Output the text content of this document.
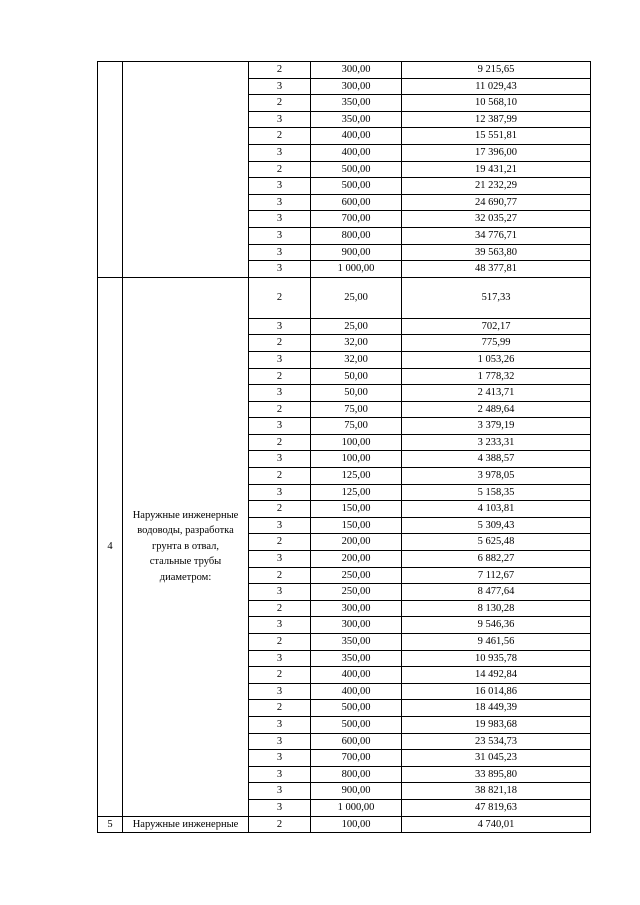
		2	300,00	9 215,65
		3	300,00	11 029,43
		2	350,00	10 568,10
		3	350,00	12 387,99
		2	400,00	15 551,81
		3	400,00	17 396,00
		2	500,00	19 431,21
		3	500,00	21 232,29
		3	600,00	24 690,77
		3	700,00	32 035,27
		3	800,00	34 776,71
		3	900,00	39 563,80
		3	1 000,00	48 377,81
4	Наружные инженерные
водоводы, разработка
грунта в отвал,
стальные трубы
диаметром:	2	25,00	517,33
		3	25,00	702,17
		2	32,00	775,99
		3	32,00	1 053,26
		2	50,00	1 778,32
		3	50,00	2 413,71
		2	75,00	2 489,64
		3	75,00	3 379,19
		2	100,00	3 233,31
		3	100,00	4 388,57
		2	125,00	3 978,05
		3	125,00	5 158,35
		2	150,00	4 103,81
		3	150,00	5 309,43
		2	200,00	5 625,48
		3	200,00	6 882,27
		2	250,00	7 112,67
		3	250,00	8 477,64
		2	300,00	8 130,28
		3	300,00	9 546,36
		2	350,00	9 461,56
		3	350,00	10 935,78
		2	400,00	14 492,84
		3	400,00	16 014,86
		2	500,00	18 449,39
		3	500,00	19 983,68
		3	600,00	23 534,73
		3	700,00	31 045,23
		3	800,00	33 895,80
		3	900,00	38 821,18
		3	1 000,00	47 819,63
5	Наружные инженерные	2	100,00	4 740,01
